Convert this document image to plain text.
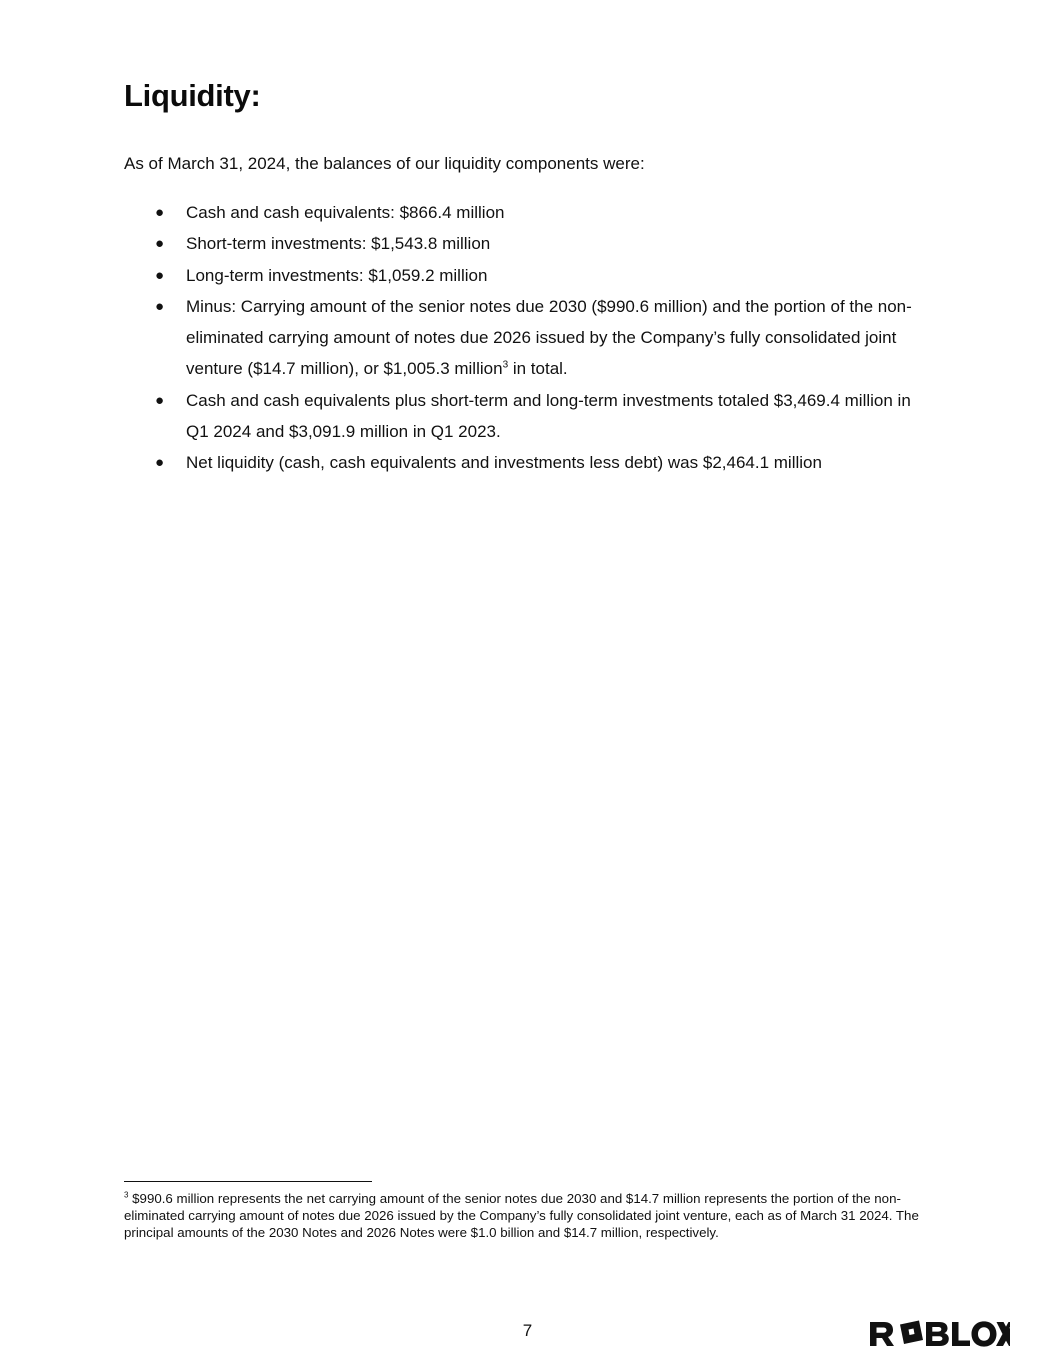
Liquidity:

As of March 31, 2024, the balances of our liquidity components were:

● Cash and cash equivalents: $866.4 million
● Short-term investments: $1,543.8 million
● Long-term investments: $1,059.2 million
● Minus: Carrying amount of the senior notes due 2030 ($990.6 million) and the portion of the non-eliminated carrying amount of notes due 2026 issued by the Company’s fully consolidated joint venture ($14.7 million), or $1,005.3 million$^3$ in total.
● Cash and cash equivalents plus short-term and long-term investments totaled $3,469.4 million in Q1 2024 and $3,091.9 million in Q1 2023.
● Net liquidity (cash, cash equivalents and investments less debt) was $2,464.1 million

$^3$ $990.6 million represents the net carrying amount of the senior notes due 2030 and $14.7 million represents the portion of the non-eliminated carrying amount of notes due 2026 issued by the Company’s fully consolidated joint venture, each as of March 31 2024. The principal amounts of the 2030 Notes and 2026 Notes were $1.0 billion and $14.7 million, respectively.

7
